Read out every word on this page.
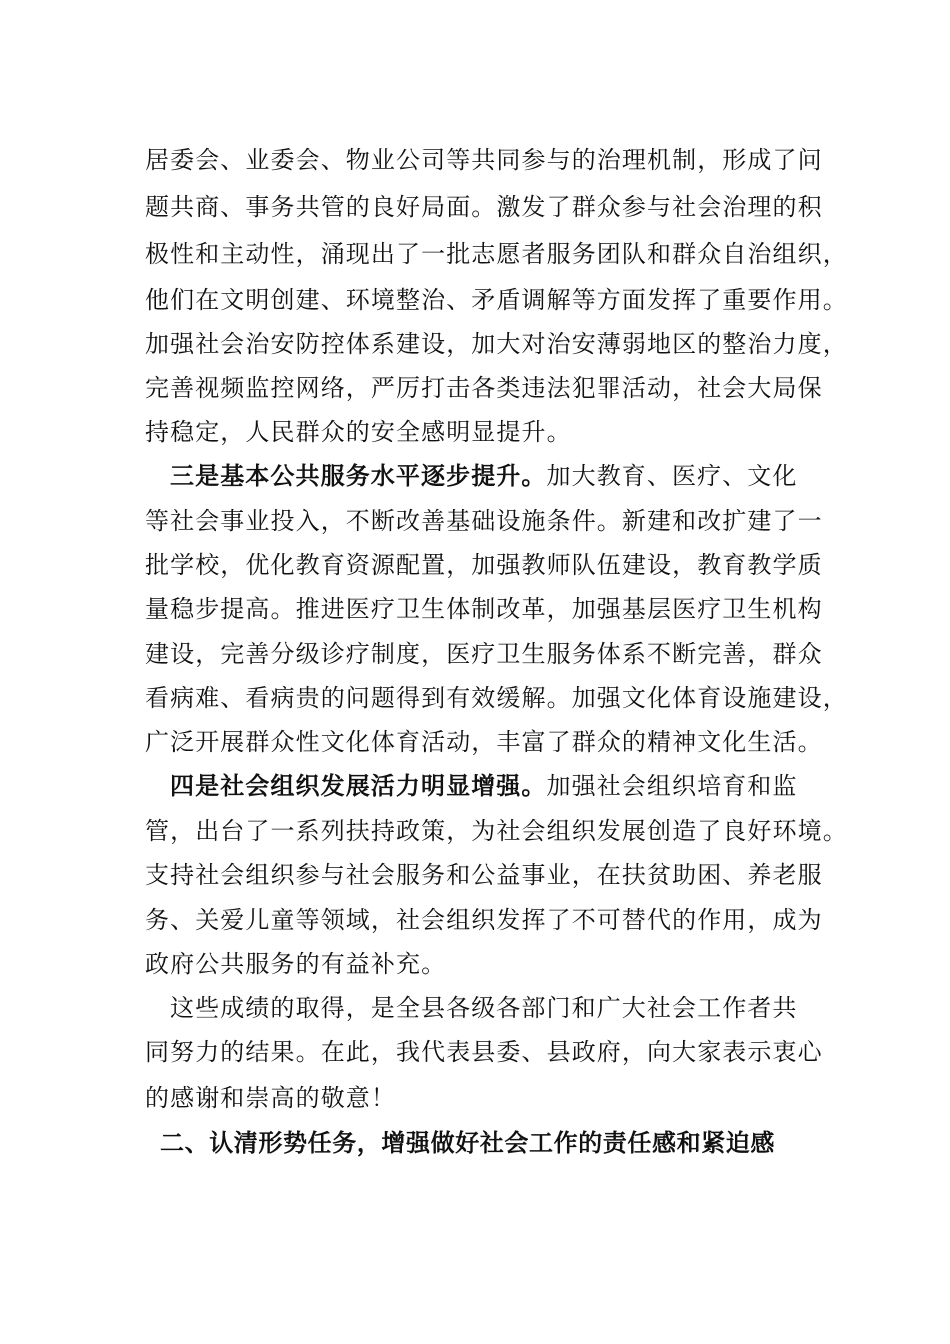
居委会、业委会、物业公司等共同参与的治理机制，形成了问
题共商、事务共管的良好局面。激发了群众参与社会治理的积
极性和主动性，涌现出了一批志愿者服务团队和群众自治组织，
他们在文明创建、环境整治、矛盾调解等方面发挥了重要作用。
加强社会治安防控体系建设，加大对治安薄弱地区的整治力度，
完善视频监控网络，严厉打击各类违法犯罪活动，社会大局保
持稳定，人民群众的安全感明显提升。
三是基本公共服务水平逐步提升。加大教育、医疗、文化
等社会事业投入，不断改善基础设施条件。新建和改扩建了一
批学校，优化教育资源配置，加强教师队伍建设，教育教学质
量稳步提高。推进医疗卫生体制改革，加强基层医疗卫生机构
建设，完善分级诊疗制度，医疗卫生服务体系不断完善，群众
看病难、看病贵的问题得到有效缓解。加强文化体育设施建设，
广泛开展群众性文化体育活动，丰富了群众的精神文化生活。
四是社会组织发展活力明显增强。加强社会组织培育和监
管，出台了一系列扶持政策，为社会组织发展创造了良好环境。
支持社会组织参与社会服务和公益事业，在扶贫助困、养老服
务、关爱儿童等领域，社会组织发挥了不可替代的作用，成为
政府公共服务的有益补充。
这些成绩的取得，是全县各级各部门和广大社会工作者共
同努力的结果。在此，我代表县委、县政府，向大家表示衷心
的感谢和崇高的敬意！
二、认清形势任务，增强做好社会工作的责任感和紧迫感
